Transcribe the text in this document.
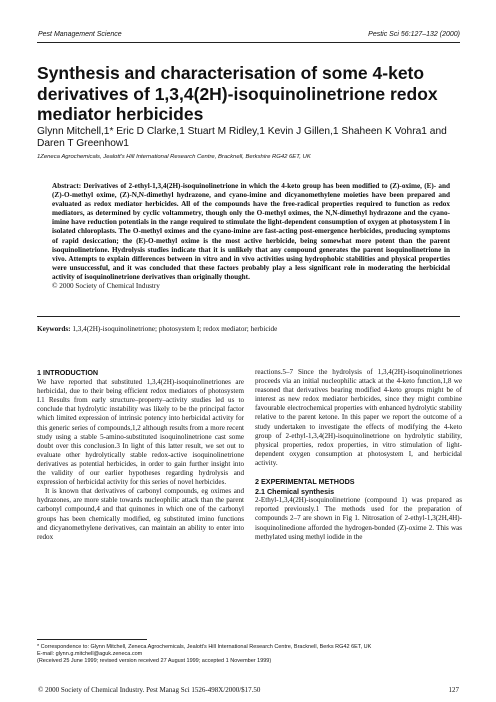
Pest Management Science	Pestic Sci 56:127–132 (2000)
Synthesis and characterisation of some 4-keto derivatives of 1,3,4(2H)-isoquinolinetrione redox mediator herbicides
Glynn Mitchell,1* Eric D Clarke,1 Stuart M Ridley,1 Kevin J Gillen,1 Shaheen K Vohra1 and Daren T Greenhow1
1Zeneca Agrochemicals, Jealott's Hill International Research Centre, Bracknell, Berkshire RG42 6ET, UK
Abstract: Derivatives of 2-ethyl-1,3,4(2H)-isoquinolinetrione in which the 4-keto group has been modified to (Z)-oxime, (E)- and (Z)-O-methyl oxime, (Z)-N,N-dimethyl hydrazone, and cyano-imine and dicyanomethylene moieties have been prepared and evaluated as redox mediator herbicides. All of the compounds have the free-radical properties required to function as redox mediators, as determined by cyclic voltammetry, though only the O-methyl oximes, the N,N-dimethyl hydrazone and the cyano-imine have reduction potentials in the range required to stimulate the light-dependent consumption of oxygen at photosystem I in isolated chloroplasts. The O-methyl oximes and the cyano-imine are fast-acting post-emergence herbicides, producing symptoms of rapid desiccation; the (E)-O-methyl oxime is the most active herbicide, being somewhat more potent than the parent isoquinolinetrione. Hydrolysis studies indicate that it is unlikely that any compound generates the parent isoquinolinetrione in vivo. Attempts to explain differences between in vitro and in vivo activities using hydrophobic stabilities and physical properties were unsuccessful, and it was concluded that these factors probably play a less significant role in moderating the herbicidal activity of isoquinolinetrione derivatives than originally thought.
© 2000 Society of Chemical Industry
Keywords: 1,3,4(2H)-isoquinolinetrione; photosystem I; redox mediator; herbicide
1 INTRODUCTION

We have reported that substituted 1,3,4(2H)-isoquinolinetriones are herbicidal, due to their being efficient redox mediators of photosystem I.1 Results from early structure–property–activity studies led us to conclude that hydrolytic instability was likely to be the principal factor which limited expression of intrinsic potency into herbicidal activity for this generic series of compounds,1,2 although results from a more recent study using a stable 5-amino-substituted isoquinolinetrione cast some doubt over this conclusion.3 In light of this latter result, we set out to evaluate other hydrolytically stable redox-active isoquinolinetrione derivatives as potential herbicides, in order to gain further insight into the validity of our earlier hypotheses regarding hydrolysis and expression of herbicidal activity for this series of novel herbicides.

It is known that derivatives of carbonyl compounds, eg oximes and hydrazones, are more stable towards nucleophilic attack than the parent carbonyl compound,4 and that quinones in which one of the carbonyl groups has been chemically modified, eg substituted imino functions and dicyanomethylene derivatives, can maintain an ability to enter into redox

reactions.5–7 Since the hydrolysis of 1,3,4(2H)-isoquinolinetriones proceeds via an initial nucleophilic attack at the 4-keto function,1,8 we reasoned that derivatives bearing modified 4-keto groups might be of interest as new redox mediator herbicides, since they might combine favourable electrochemical properties with enhanced hydrolytic stability relative to the parent ketone. In this paper we report the outcome of a study undertaken to investigate the effects of modifying the 4-keto group of 2-ethyl-1,3,4(2H)-isoquinolinetrione on hydrolytic stability, physical properties, redox properties, in vitro stimulation of light-dependent oxygen consumption at photosystem I, and herbicidal activity.

2 EXPERIMENTAL METHODS
2.1 Chemical synthesis

2-Ethyl-1,3,4(2H)-isoquinolinetrione (compound 1) was prepared as reported previously.1 The methods used for the preparation of compounds 2–7 are shown in Fig 1. Nitrosation of 2-ethyl-1,3(2H,4H)-isoquinolinedione afforded the hydrogen-bonded (Z)-oxime 2. This was methylated using methyl iodide in the

* Correspondence to: Glynn Mitchell, Zeneca Agrochemicals, Jealott's Hill International Research Centre, Bracknell, Berks RG42 6ET, UK
E-mail: glynn.g.mitchell@aguk.zeneca.com
(Received 25 June 1999; revised version received 27 August 1999; accepted 1 November 1999)
© 2000 Society of Chemical Industry. Pest Manag Sci 1526-498X/2000/$17.50	127
